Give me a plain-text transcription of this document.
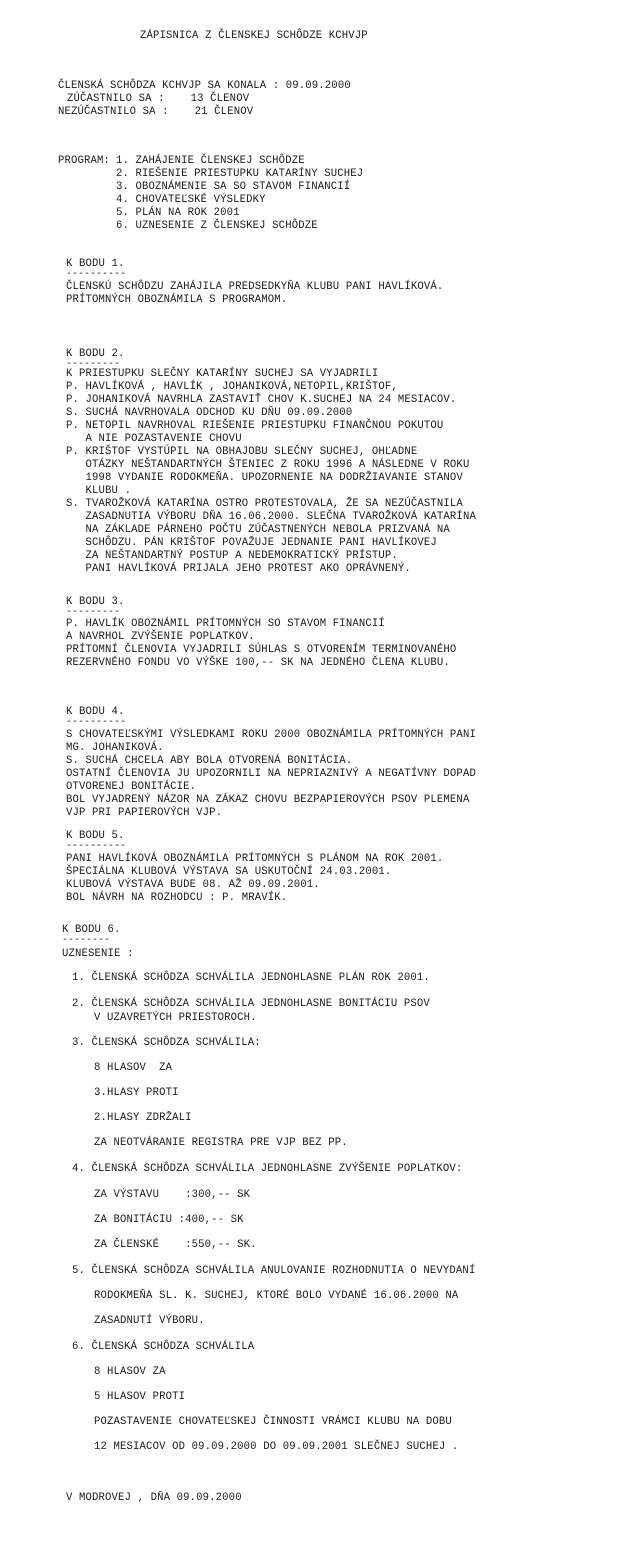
ZÁPISNICA Z ČLENSKEJ SCHÔDZE KCHVJP
ČLENSKÁ SCHÔDZA KCHVJP SA KONALA : 09.09.2000
ZÚČASTNILO SA :    13 ČLENOV
NEZÚČASTNILO SA :    21 ČLENOV
PROGRAM: 1. ZAHÁJENIE ČLENSKEJ SCHÔDZE
2. RIEŠENIE PRIESTUPKU KATARÍNY SUCHEJ
3. OBOZNÁMENIE SA SO STAVOM FINANCIÍ
4. CHOVATEĽSKÉ VÝSLEDKY
5. PLÁN NA ROK 2001
6. UZNESENIE Z ČLENSKEJ SCHÔDZE
K BODU 1.
----------
ČLENSKÚ SCHÔDZU ZAHÁJILA PREDSEDKYŇA KLUBU PANI HAVLÍKOVÁ.
PRÍTOMNÝCH OBOZNÁMILA S PROGRAMOM.
K BODU 2.
---------
K PRIESTUPKU SLEČNY KATARÍNY SUCHEJ SA VYJADRILI
P. HAVLÍKOVÁ , HAVLÍK , JOHANIKOVÁ,NETOPIL,KRIŠTOF,
P. JOHANIKOVÁ NAVRHLA ZASTAVIŤ CHOV K.SUCHEJ NA 24 MESIACOV.
S. SUCHÁ NAVRHOVALA ODCHOD KU DŇU 09.09.2000
P. NETOPIL NAVRHOVAL RIEŠENIE PRIESTUPKU FINANČNOU POKUTOU
A NIE POZASTAVENIE CHOVU
P. KRIŠTOF VYSTÚPIL NA OBHAJOBU SLEČNY SUCHEJ, OHĽADNE
OTÁZKY NEŠTANDARTNÝCH ŠTENIEC Z ROKU 1996 A NÁSLEDNE V ROKU
1998 VYDANIE RODOKMEŇA. UPOZORNENIE NA DODRŽIAVANIE STANOV
KLUBU .
S. TVAROŽKOVÁ KATARÍNA OSTRO PROTESTOVALA, ŽE SA NEZÚČASTNILA
ZASADNUTIA VÝBORU DŇA 16.06.2000. SLEČNA TVAROŽKOVÁ KATARÍNA
NA ZÁKLADE PÁRNEHO POČTU ZÚČASTNENÝCH NEBOLA PRIZVANÁ NA
SCHÔDZU. PÁN KRIŠTOF POVAŽUJE JEDNANIE PANI HAVLÍKOVEJ
ZA NEŠTANDARTNÝ POSTUP A NEDEMOKRATICKÝ PRÍSTUP.
PANI HAVLÍKOVÁ PRIJALA JEHO PROTEST AKO OPRÁVNENÝ.
K BODU 3.
---------
P. HAVLÍK OBOZNÁMIL PRÍTOMNÝCH SO STAVOM FINANCIÍ
A NAVRHOL ZVÝŠENIE POPLATKOV.
PRÍTOMNÍ ČLENOVIA VYJADRILI SÚHLAS S OTVORENÍM TERMINOVANÉHO
REZERVNÉHO FONDU VO VÝŠKE 100,-- SK NA JEDNÉHO ČLENA KLUBU.
K BODU 4.
----------
S CHOVATEĽSKÝMI VÝSLEDKAMI ROKU 2000 OBOZNÁMILA PRÍTOMNÝCH PANI
MG. JOHANIKOVÁ.
S. SUCHÁ CHCELA ABY BOLA OTVORENÁ BONITÁCIA.
OSTATNÍ ČLENOVIA JU UPOZORNILI NA NEPRIAZNIVÝ A NEGATÍVNY DOPAD
OTVORENEJ BONITÁCIE.
BOL VYJADRENÝ NÁZOR NA ZÁKAZ CHOVU BEZPAPIEROVÝCH PSOV PLEMENA
VJP PRI PAPIEROVÝCH VJP.
K BODU 5.
----------
PANI HAVLÍKOVÁ OBOZNÁMILA PRÍTOMNÝCH S PLÁNOM NA ROK 2001.
ŠPECIÁLNA KLUBOVÁ VÝSTAVA SA USKUTOČNÍ 24.03.2001.
KLUBOVÁ VÝSTAVA BUDE 08. AŽ 09.09.2001.
BOL NÁVRH NA ROZHODCU : P. MRAVÍK.
K BODU 6.
--------
UZNESENIE :
1. ČLENSKÁ SCHÔDZA SCHVÁLILA JEDNOHLASNE PLÁN ROK 2001.
2. ČLENSKÁ SCHÔDZA SCHVÁLILA JEDNOHLASNE BONITÁCIU PSOV
V UZAVRETÝCH PRIESTOROCH.
3. ČLENSKÁ SCHÔDZA SCHVÁLILA:
8 HLASOV  ZA
3.HLASY PROTI
2.HLASY ZDRŽALI
ZA NEOTVÁRANIE REGISTRA PRE VJP BEZ PP.
4. ČLENSKÁ SCHÔDZA SCHVÁLILA JEDNOHLASNE ZVÝŠENIE POPLATKOV:
ZA VÝSTAVU    :300,-- SK
ZA BONITÁCIU :400,-- SK
ZA ČLENSKÉ    :550,-- SK.
5. ČLENSKÁ SCHÔDZA SCHVÁLILA ANULOVANIE ROZHODNUTIA O NEVYDANÍ
RODOKMEŇA SL. K. SUCHEJ, KTORÉ BOLO VYDANÉ 16.06.2000 NA
ZASADNUTÍ VÝBORU.
6. ČLENSKÁ SCHÔDZA SCHVÁLILA
8 HLASOV ZA
5 HLASOV PROTI
POZASTAVENIE CHOVATEĽSKEJ ČINNOSTI VRÁMCI KLUBU NA DOBU
12 MESIACOV OD 09.09.2000 DO 09.09.2001 SLEČNEJ SUCHEJ .
V MODROVEJ , DŇA 09.09.2000
